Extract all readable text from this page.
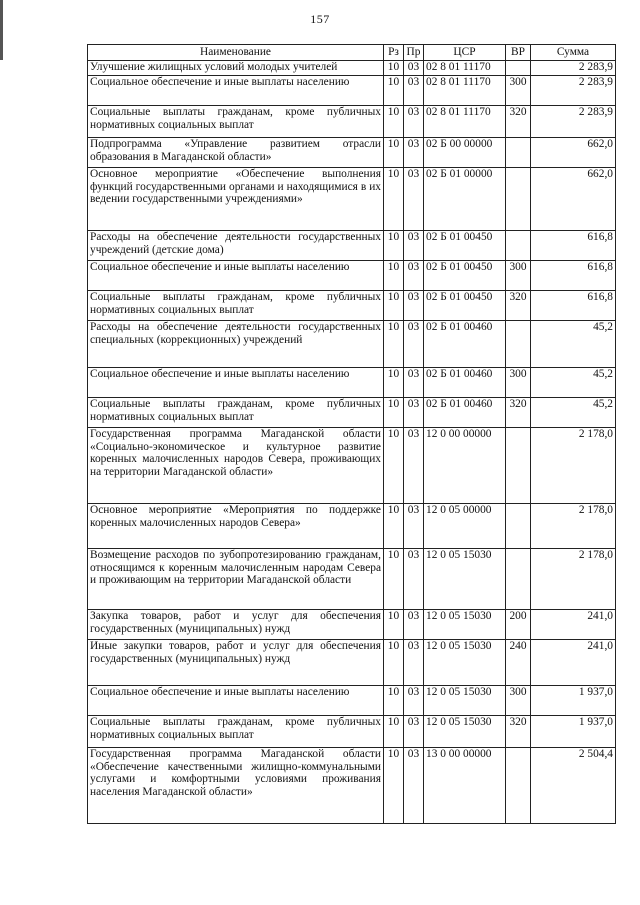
157
Наименование	Рз	Пр	ЦСР	ВР	Сумма
Улучшение жилищных условий молодых учителей	10	03	02 8 01 11170		2 283,9
Социальное обеспечение и иные выплаты населению	10	03	02 8 01 11170	300	2 283,9
Социальные выплаты гражданам, кроме публичных нормативных социальных выплат	10	03	02 8 01 11170	320	2 283,9
Подпрограмма «Управление развитием отрасли образования в Магаданской области»	10	03	02 Б 00 00000		662,0
Основное мероприятие «Обеспечение выполнения функций государственными органами и находящимися в их ведении государственными учреждениями»	10	03	02 Б 01 00000		662,0
Расходы на обеспечение деятельности государственных учреждений (детские дома)	10	03	02 Б 01 00450		616,8
Социальное обеспечение и иные выплаты населению	10	03	02 Б 01 00450	300	616,8
Социальные выплаты гражданам, кроме публичных нормативных социальных выплат	10	03	02 Б 01 00450	320	616,8
Расходы на обеспечение деятельности государственных специальных (коррекционных) учреждений	10	03	02 Б 01 00460		45,2
Социальное обеспечение и иные выплаты населению	10	03	02 Б 01 00460	300	45,2
Социальные выплаты гражданам, кроме публичных нормативных социальных выплат	10	03	02 Б 01 00460	320	45,2
Государственная программа Магаданской области «Социально-экономическое и культурное развитие коренных малочисленных народов Севера, проживающих на территории Магаданской области»	10	03	12 0 00 00000		2 178,0
Основное мероприятие «Мероприятия по поддержке коренных малочисленных народов Севера»	10	03	12 0 05 00000		2 178,0
Возмещение расходов по зубопротезированию гражданам, относящимся к коренным малочисленным народам Севера и проживающим на территории Магаданской области	10	03	12 0 05 15030		2 178,0
Закупка товаров, работ и услуг для обеспечения государственных (муниципальных) нужд	10	03	12 0 05 15030	200	241,0
Иные закупки товаров, работ и услуг для обеспечения государственных (муниципальных) нужд	10	03	12 0 05 15030	240	241,0
Социальное обеспечение и иные выплаты населению	10	03	12 0 05 15030	300	1 937,0
Социальные выплаты гражданам, кроме публичных нормативных социальных выплат	10	03	12 0 05 15030	320	1 937,0
Государственная программа Магаданской области «Обеспечение качественными жилищно-коммунальными услугами и комфортными условиями проживания населения Магаданской области»	10	03	13 0 00 00000		2 504,4
